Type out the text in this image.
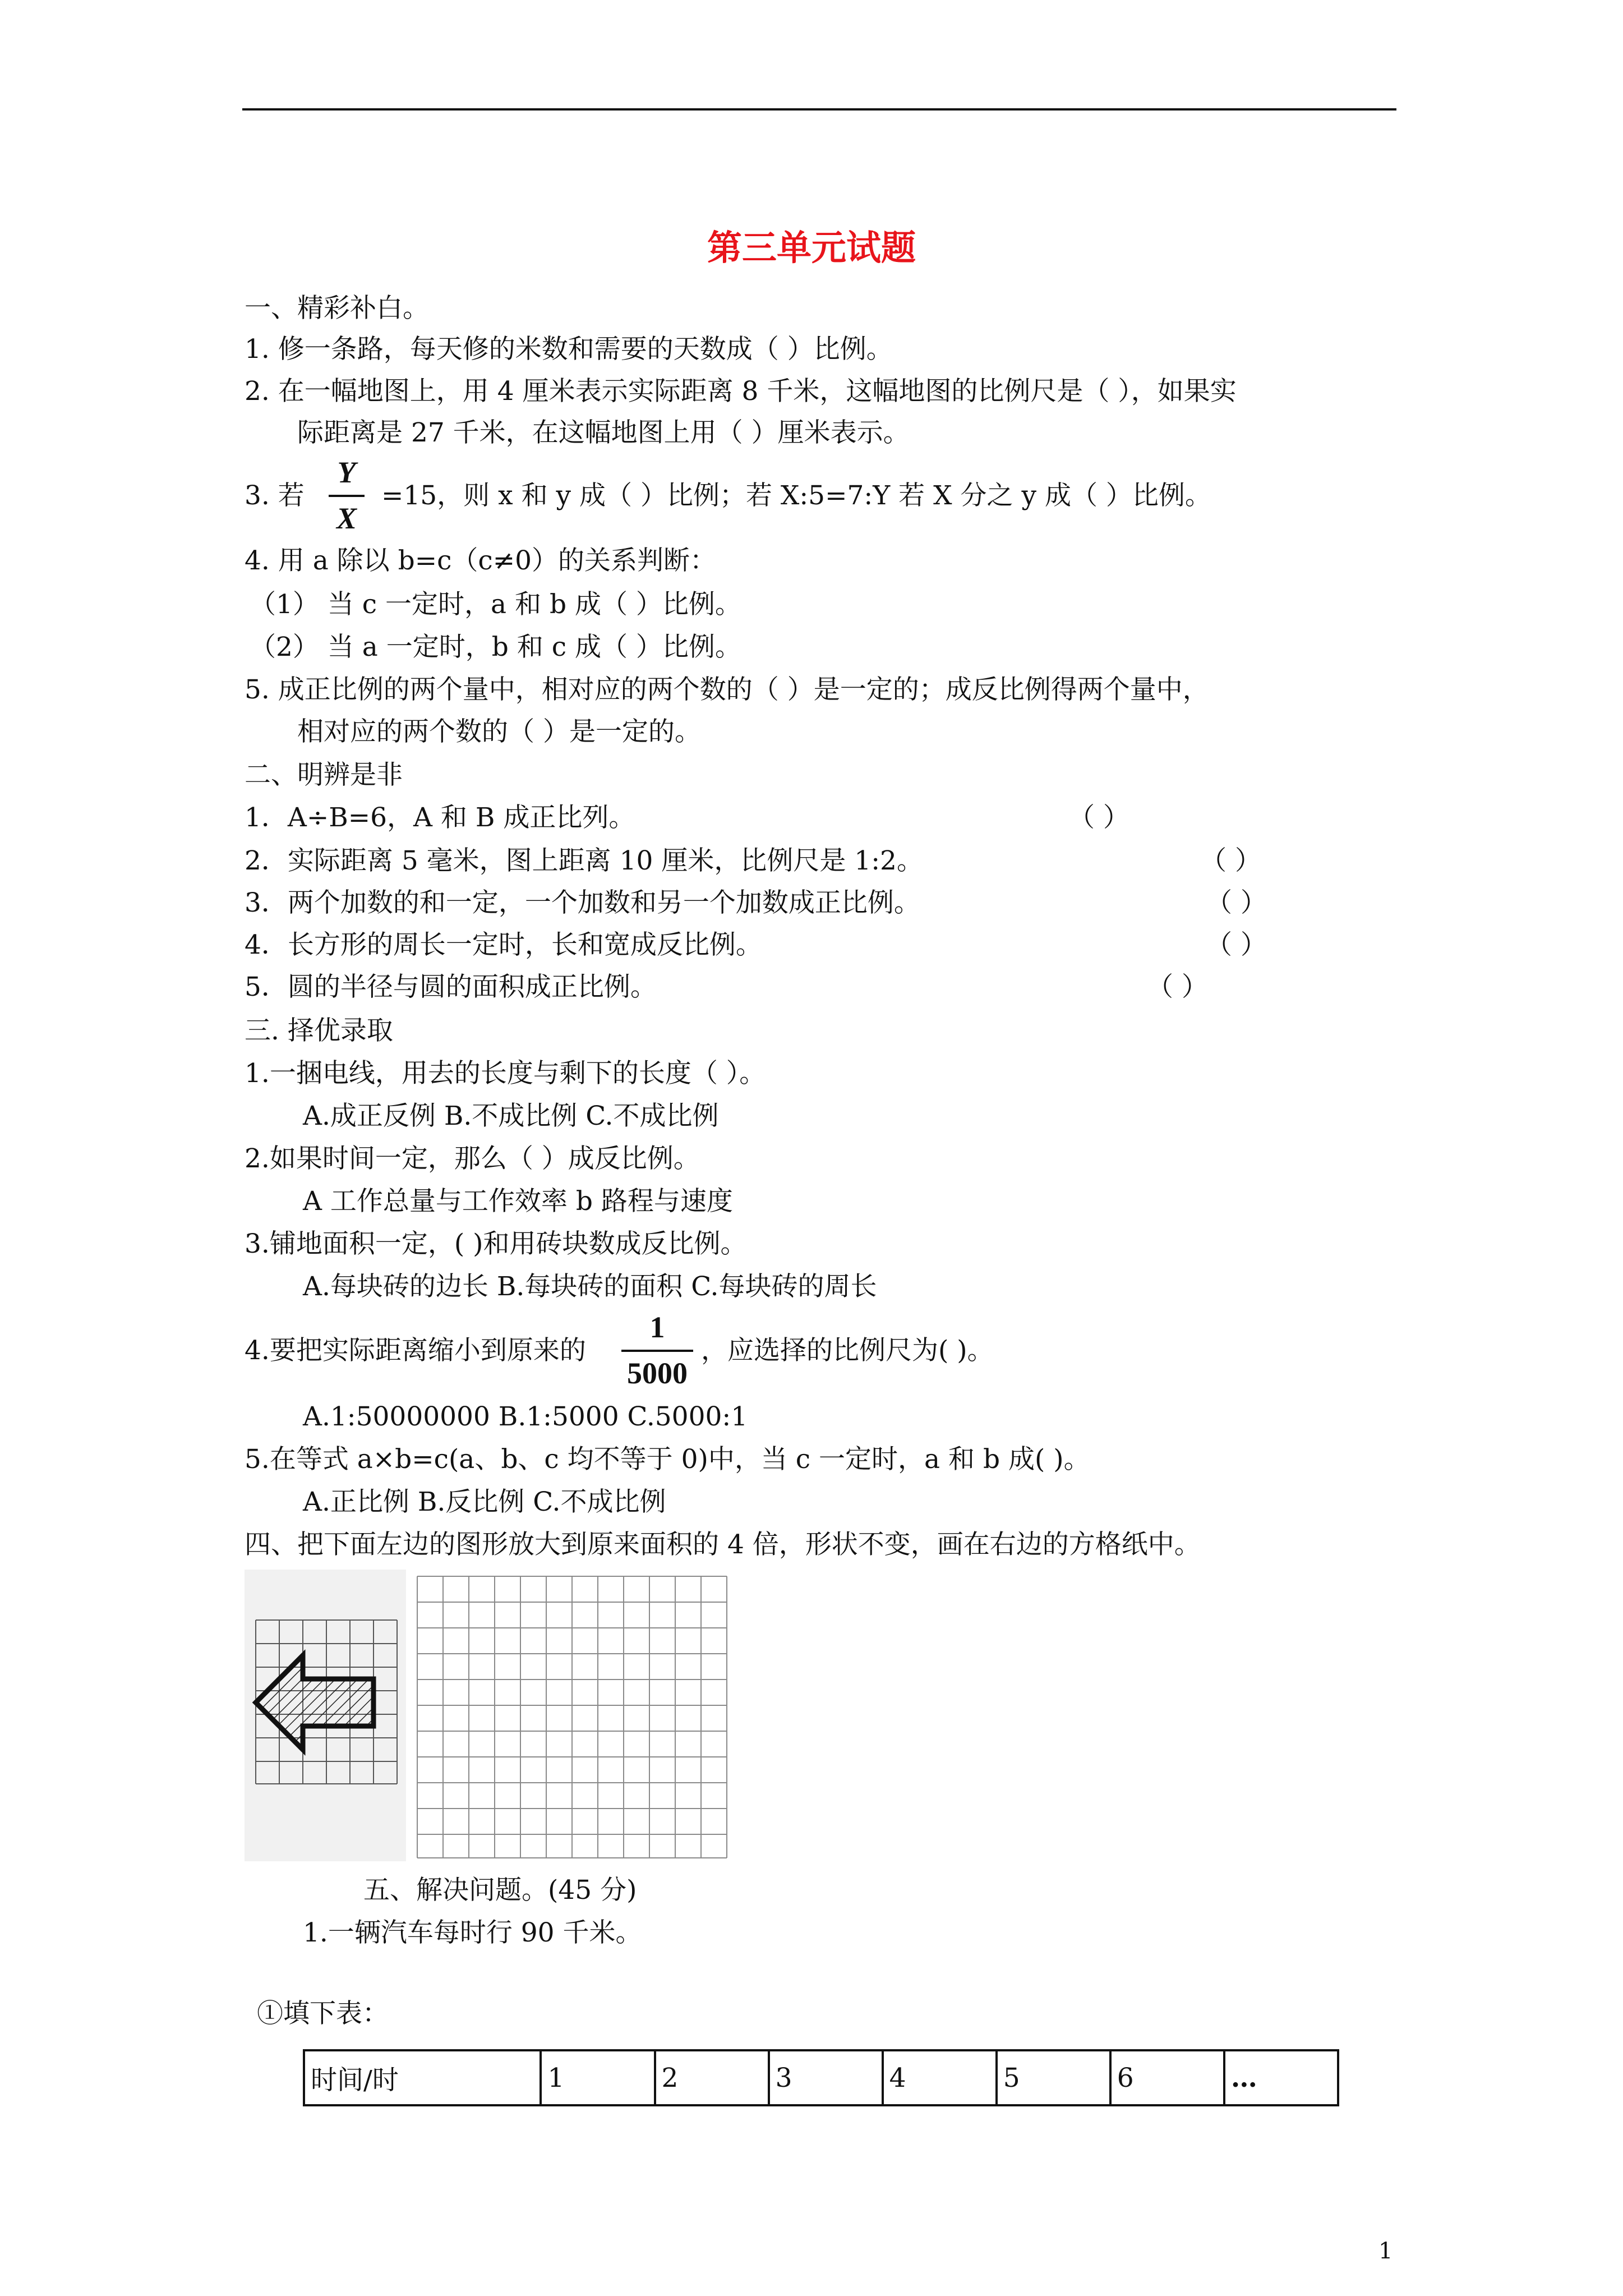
第三单元试题
一、精彩补白。
1. 修一条路，每天修的米数和需要的天数成（ ）比例。
2. 在一幅地图上，用 4 厘米表示实际距离 8 千米，这幅地图的比例尺是（ ），如果实
际距离是 27 千米，在这幅地图上用（ ）厘米表示。
3. 若
Y
X
=15，则 x 和 y 成（ ）比例；若 X:5=7:Y 若 X 分之 y 成（ ）比例。
4. 用 a 除以 b=c（c≠0）的关系判断：
（1） 当 c 一定时，a 和 b 成（ ）比例。
（2） 当 a 一定时，b 和 c 成（ ）比例。
5. 成正比例的两个量中，相对应的两个数的（ ）是一定的；成反比例得两个量中，
相对应的两个数的（ ）是一定的。
二、明辨是非
1．A÷B=6，A 和 B 成正比列。	（ ）
2．实际距离 5 毫米，图上距离 10 厘米，比例尺是 1:2。	（ ）
3．两个加数的和一定，一个加数和另一个加数成正比例。	（ ）
4．长方形的周长一定时，长和宽成反比例。	（ ）
5．圆的半径与圆的面积成正比例。	（ ）
三. 择优录取
1.一捆电线，用去的长度与剩下的长度（ ）。
A.成正反例 B.不成比例 C.不成比例
2.如果时间一定，那么（ ）成反比例。
A 工作总量与工作效率 b 路程与速度
3.铺地面积一定，( )和用砖块数成反比例。
A.每块砖的边长 B.每块砖的面积 C.每块砖的周长
4.要把实际距离缩小到原来的
1
5000
，应选择的比例尺为( )。
A.1:50000000 B.1:5000 C.5000:1
5.在等式 a×b=c(a、b、c 均不等于 0)中，当 c 一定时，a 和 b 成( )。
A.正比例 B.反比例 C.不成比例
四、把下面左边的图形放大到原来面积的 4 倍，形状不变，画在右边的方格纸中。
五、解决问题。(45 分)
1.一辆汽车每时行 90 千米。
①填下表：
时间/时	1	2	3	4	5	6	…
1
